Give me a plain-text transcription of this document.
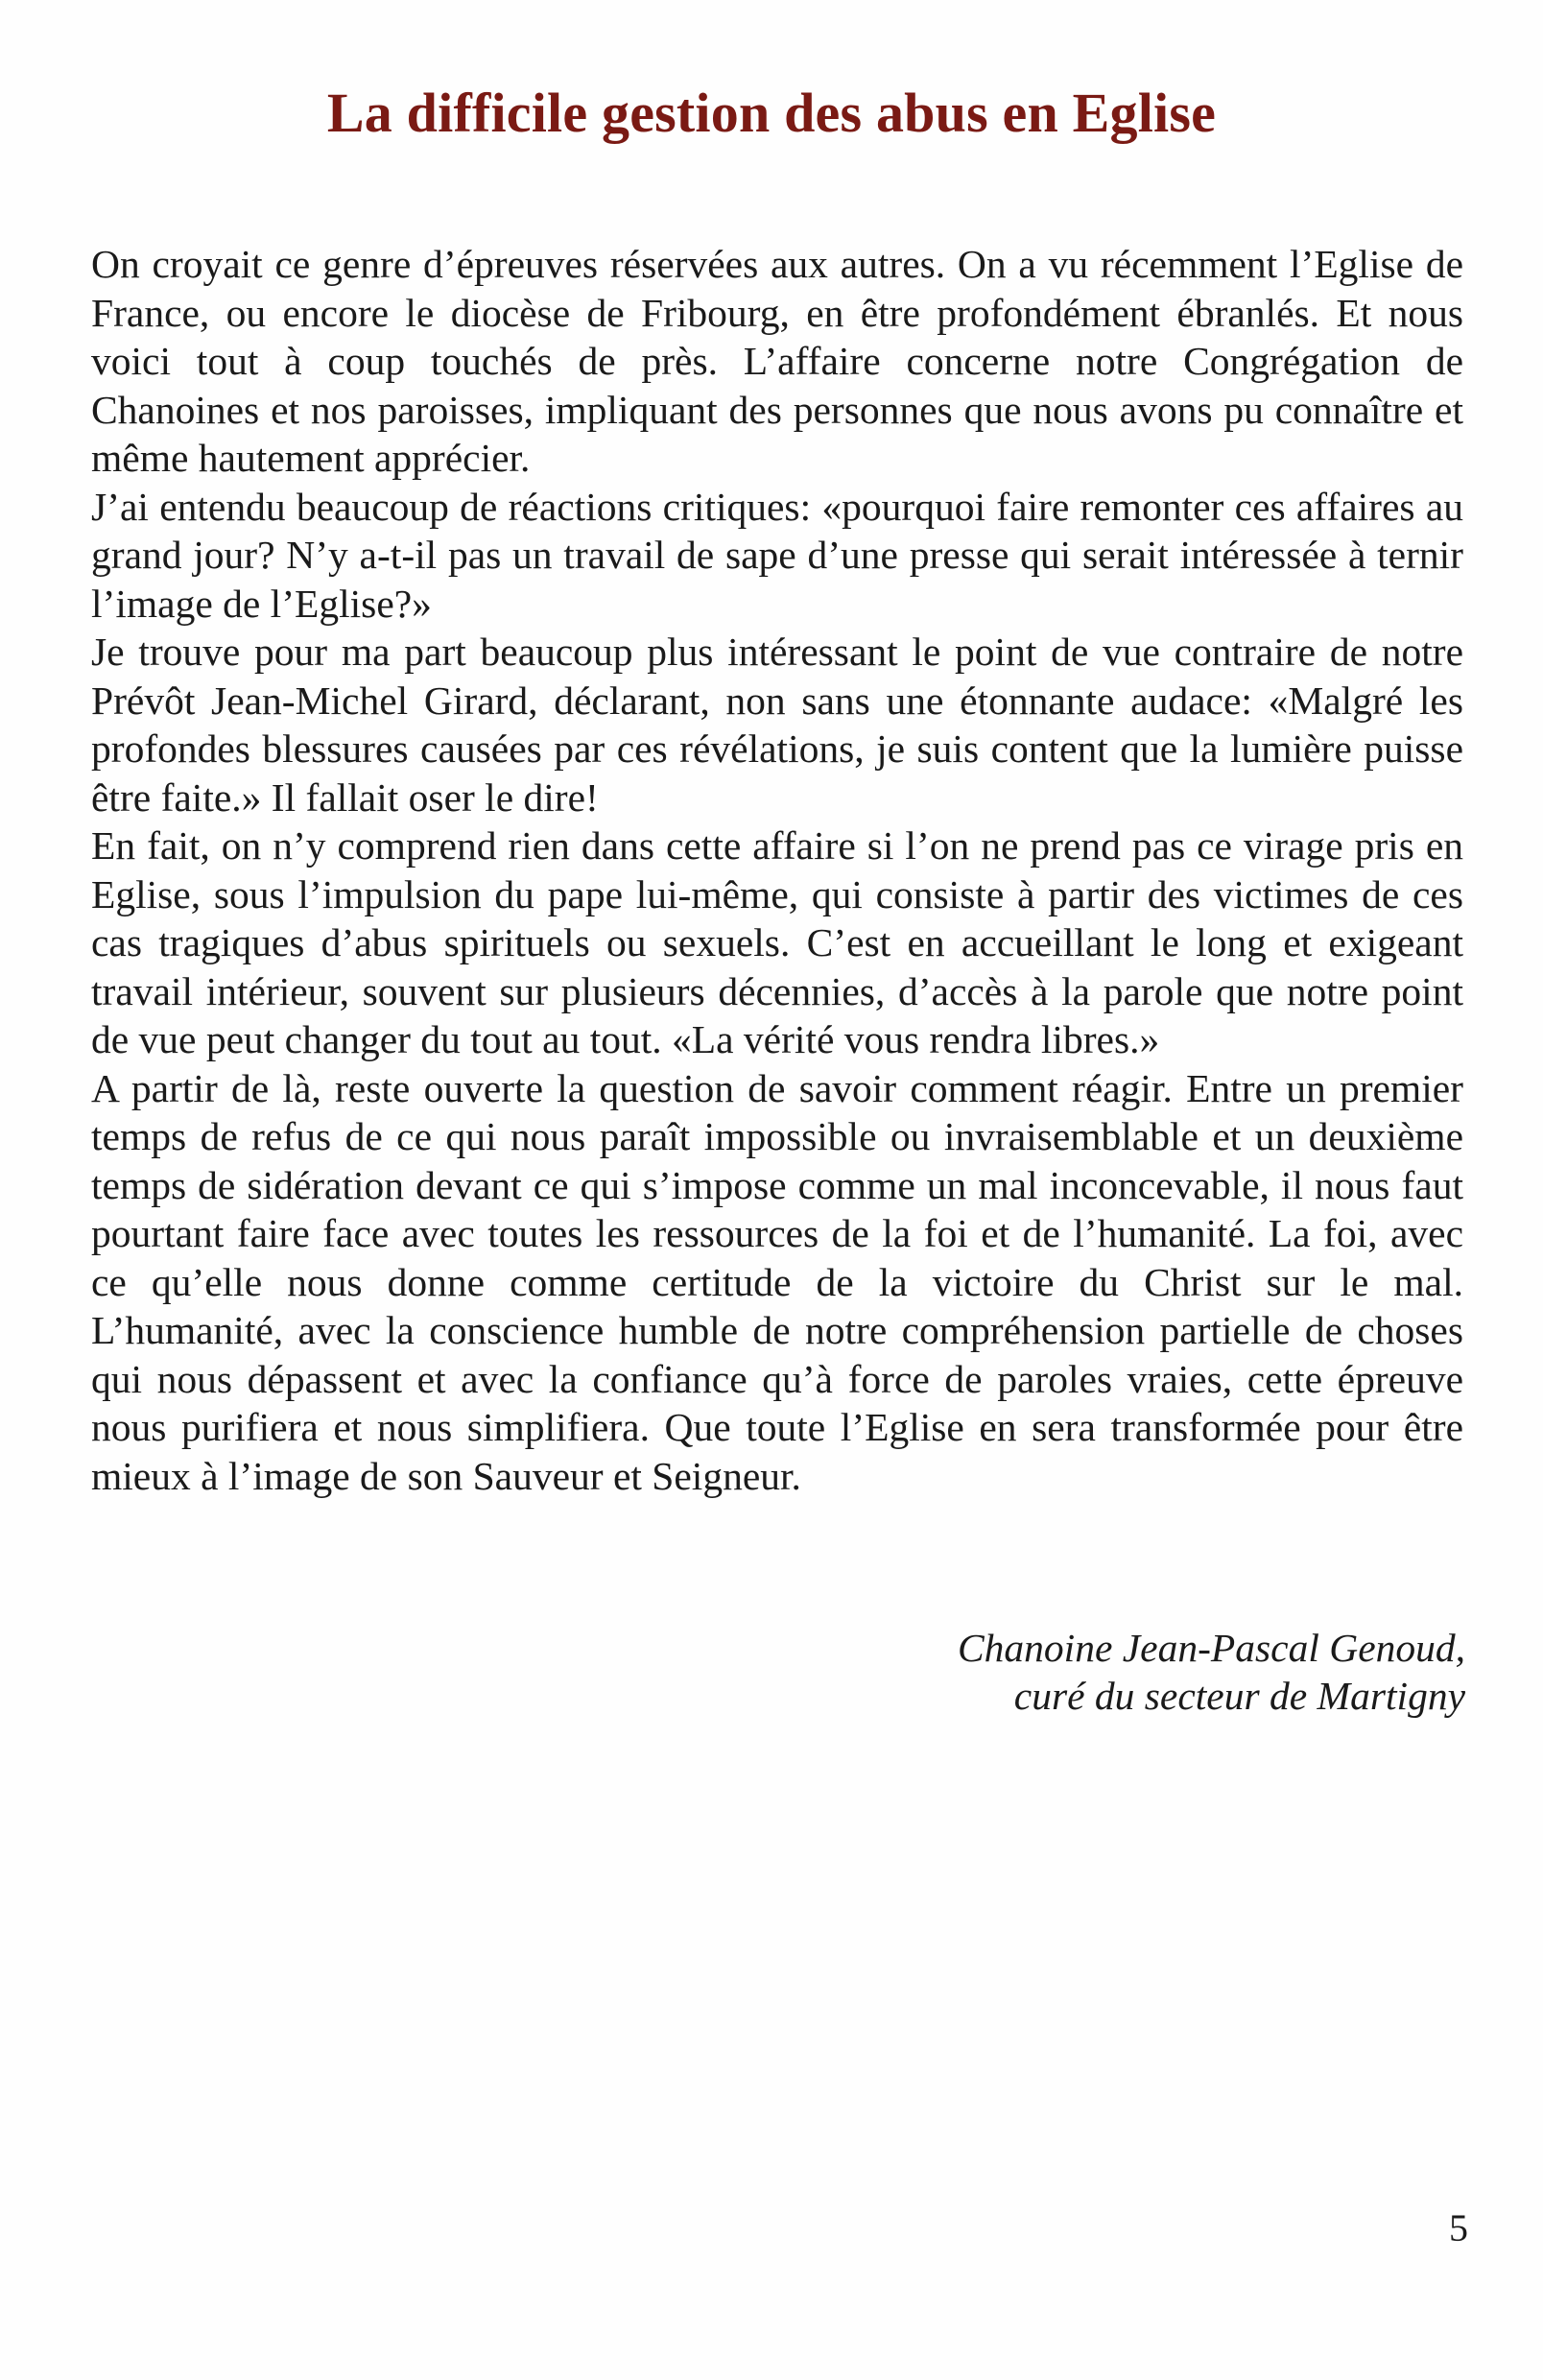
La difficile gestion des abus en Eglise

On croyait ce genre d’épreuves réservées aux autres. On a vu récemment l’Eglise de France, ou encore le diocèse de Fribourg, en être profondément ébranlés. Et nous voici tout à coup touchés de près. L’affaire concerne notre Congrégation de Chanoines et nos paroisses, impliquant des personnes que nous avons pu connaître et même hautement apprécier.

J’ai entendu beaucoup de réactions critiques: «pourquoi faire remonter ces affaires au grand jour? N’y a-t-il pas un travail de sape d’une presse qui serait intéressée à ternir l’image de l’Eglise?»

Je trouve pour ma part beaucoup plus intéressant le point de vue contraire de notre Prévôt Jean-Michel Girard, déclarant, non sans une étonnante audace: «Malgré les profondes blessures causées par ces révélations, je suis content que la lumière puisse être faite.» Il fallait oser le dire!

En fait, on n’y comprend rien dans cette affaire si l’on ne prend pas ce virage pris en Eglise, sous l’impulsion du pape lui-même, qui consiste à partir des victimes de ces cas tragiques d’abus spirituels ou sexuels. C’est en accueillant le long et exigeant travail intérieur, souvent sur plusieurs décennies, d’accès à la parole que notre point de vue peut changer du tout au tout. «La vérité vous rendra libres.»

A partir de là, reste ouverte la question de savoir comment réagir. Entre un premier temps de refus de ce qui nous paraît impossible ou invraisemblable et un deuxième temps de sidération devant ce qui s’impose comme un mal inconcevable, il nous faut pourtant faire face avec toutes les ressources de la foi et de l’humanité. La foi, avec ce qu’elle nous donne comme certitude de la victoire du Christ sur le mal. L’humanité, avec la conscience humble de notre compréhension partielle de choses qui nous dépassent et avec la confiance qu’à force de paroles vraies, cette épreuve nous purifiera et nous simplifiera. Que toute l’Eglise en sera transformée pour être mieux à l’image de son Sauveur et Seigneur.

Chanoine Jean-Pascal Genoud,
curé du secteur de Martigny
5
